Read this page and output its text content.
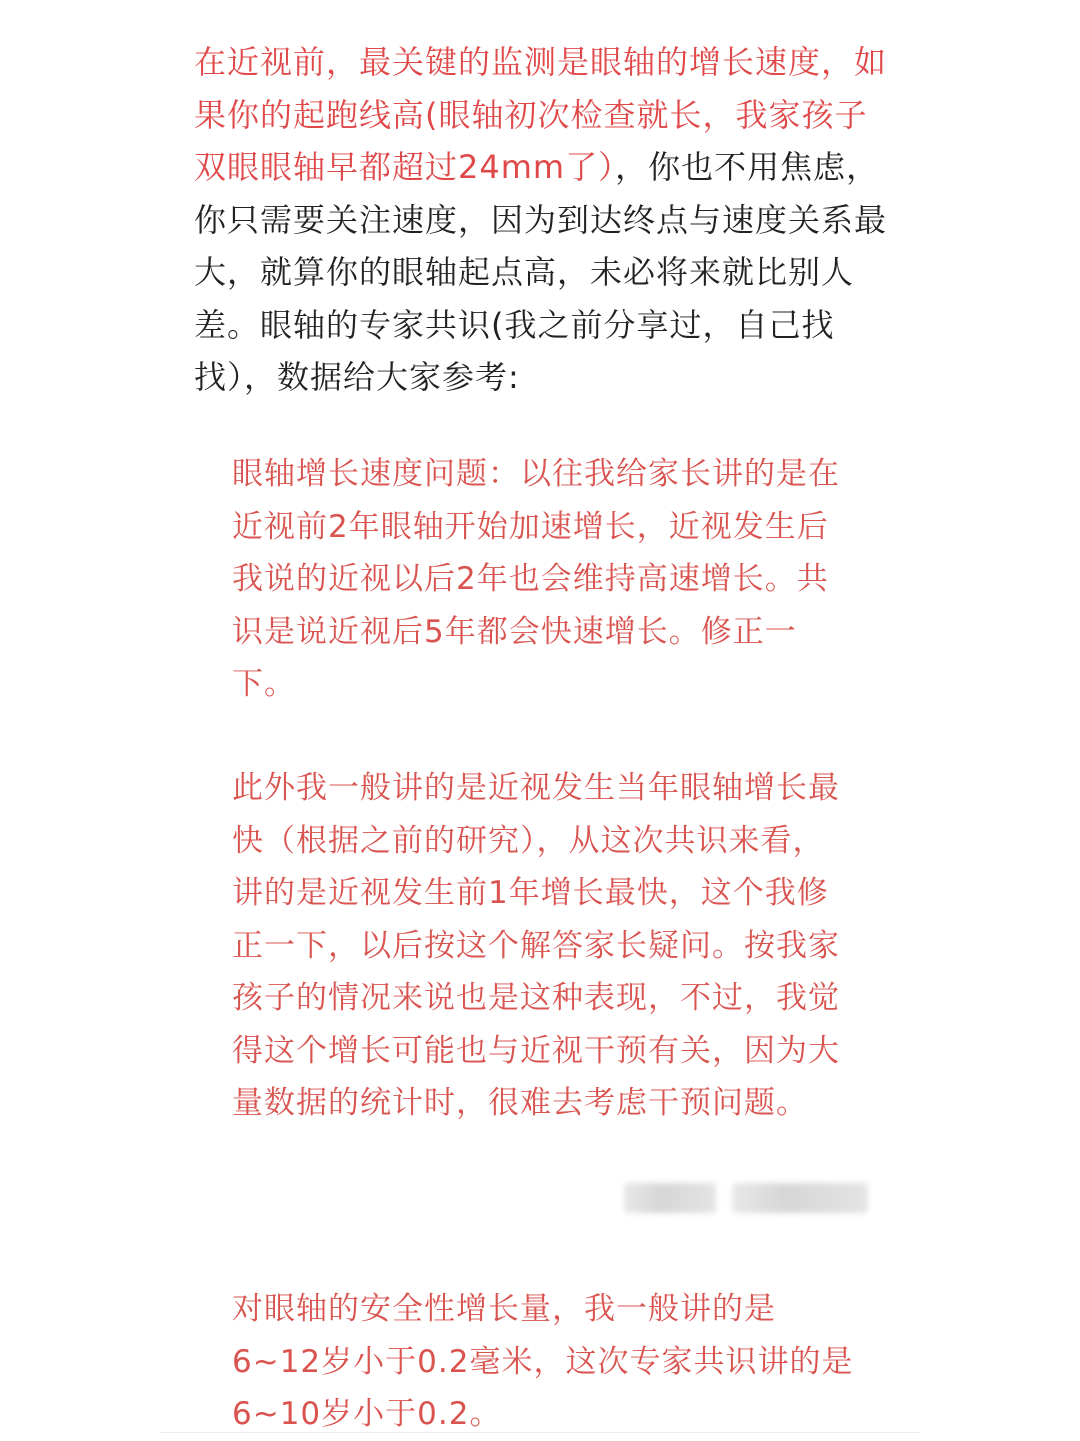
在近视前，最关键的监测是眼轴的增长速度，如果你的起跑线高(眼轴初次检查就长，我家孩子双眼眼轴早都超过24mm了），你也不用焦虑，你只需要关注速度，因为到达终点与速度关系最大，就算你的眼轴起点高，未必将来就比别人差。眼轴的专家共识(我之前分享过，自己找找），数据给大家参考:

眼轴增长速度问题：以往我给家长讲的是在近视前2年眼轴开始加速增长，近视发生后我说的近视以后2年也会维持高速增长。共识是说近视后5年都会快速增长。修正一下。

此外我一般讲的是近视发生当年眼轴增长最快（根据之前的研究），从这次共识来看，讲的是近视发生前1年增长最快，这个我修正一下，以后按这个解答家长疑问。按我家孩子的情况来说也是这种表现，不过，我觉得这个增长可能也与近视干预有关，因为大量数据的统计时，很难去考虑干预问题。

对眼轴的安全性增长量，我一般讲的是6~12岁小于0.2毫米，这次专家共识讲的是6~10岁小于0.2。
